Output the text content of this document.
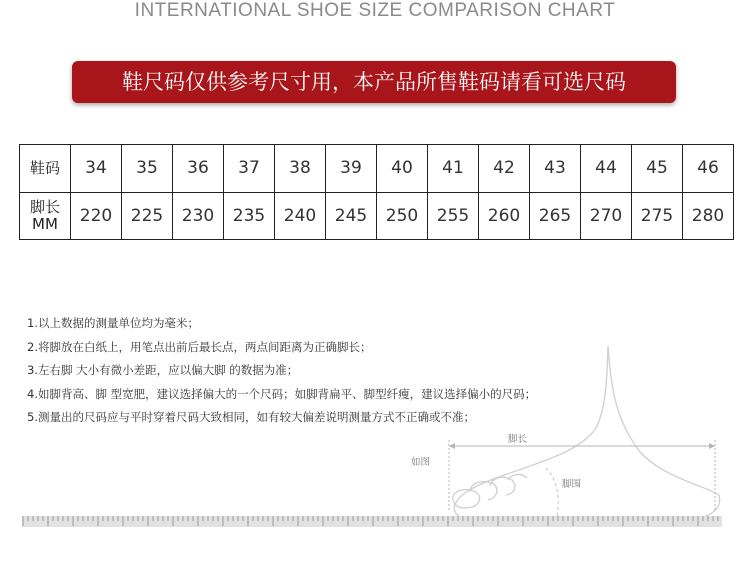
INTERNATIONAL SHOE SIZE COMPARISON CHART
鞋尺码仅供参考尺寸用，本产品所售鞋码请看可选尺码
鞋码	34	35	36	37	38	39	40	41	42	43	44	45	46
脚长
MM	220	225	230	235	240	245	250	255	260	265	270	275	280
1.以上数据的测量单位均为毫米；
2.将脚放在白纸上，用笔点出前后最长点，两点间距离为正确脚长；
3.左右脚 大小有微小差距，应以偏大脚 的数据为准；
4.如脚背高、脚 型宽肥，建议选择偏大的一个尺码；如脚背扁平、脚型纤瘦，建议选择偏小的尺码；
5.测量出的尺码应与平时穿着尺码大致相同，如有较大偏差说明测量方式不正确或不准；
脚长
如图
脚围
